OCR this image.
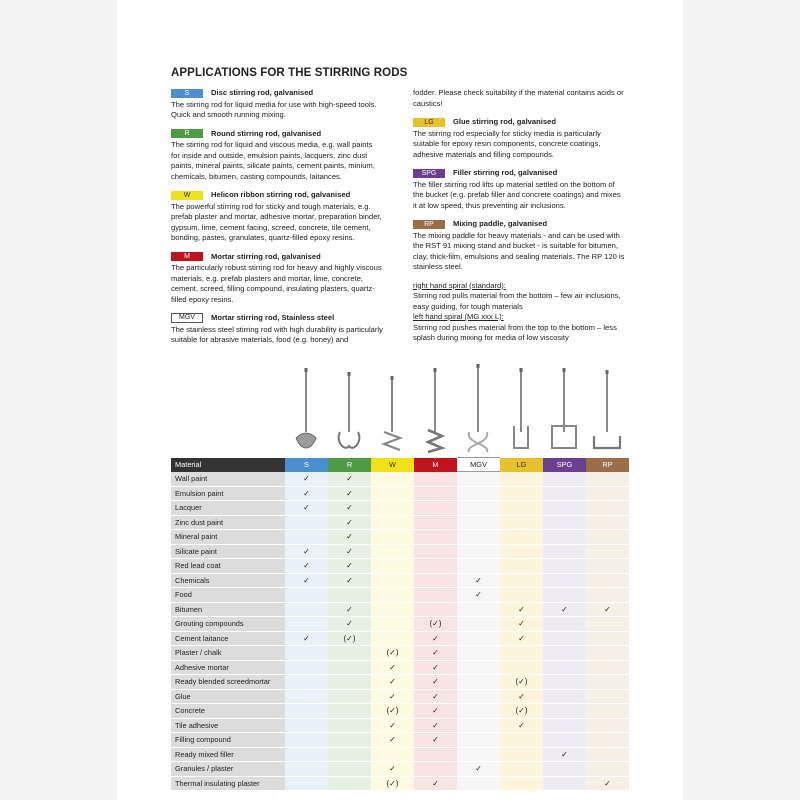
APPLICATIONS FOR THE STIRRING RODS
S	Disc stirring rod, galvanised

The stirring rod for liquid media for use with high-speed tools. Quick and smooth running mixing.

R	Round stirring rod, galvanised

The stirring rod for liquid and viscous media, e.g. wall paints for inside and outside, emulsion paints, lacquers, zinc dust paints, mineral paints, silicate paints, cement paints, minium, chemicals, bitumen, casting compounds, laitances.

W	Helicon ribbon stirring rod, galvanised

The powerful stirring rod for sticky and tough materials, e.g. prefab plaster and mortar, adhesive mortar, preparation binder, gypsum, lime, cement facing, screed, concrete, tile cement, bonding, pastes, granulates, quartz-filled epoxy resins.

M	Mortar stirring rod, galvanised

The particularly robust stirring rod for heavy and highly viscous materials, e.g. prefab plasters and mortar, lime, concrete, cement, screed, filling compound, insulating plasters, quartz-filled epoxy resins.

MGV	Mortar stirring rod, Stainless steel

The stainless steel stirring rod with high durability is particularly suitable for abrasive materials, food (e.g. honey) and

fodder. Please check suitability if the material contains acids or caustics!
LG	Glue stirring rod, galvanised

The stirring rod especially for sticky media is particularly suitable for epoxy resin components, concrete coatings, adhesive materials and filling compounds.

SPG	Filler stirring rod, galvanised

The filler stirring rod lifts up material settled on the bottom of the bucket (e.g. prefab filler and concrete coatings) and mixes it at low speed, thus preventing air inclusions.

RP	Mixing paddle, galvanised

The mixing paddle for heavy materials - and can be used with the RST 91 mixing stand and bucket - is suitable for bitumen, clay, thick-film, emulsions and sealing materials. The RP 120 is stainless steel.

right hand spiral (standard):

Stirring rod pulls material from the bottom – few air inclusions, easy guiding, for tough materials

left hand spiral (MG xxx L):

Stirring rod pushes material from the top to the bottom – less splash during mixing for media of low viscosity

Material	S	R	W	M	MGV	LG	SPG	RP
Wall paint	✓	✓						
Emulsion paint	✓	✓						
Lacquer	✓	✓						
Zinc dust paint		✓						
Mineral paint		✓						
Silicate paint	✓	✓						
Red lead coat	✓	✓						
Chemicals	✓	✓			✓			
Food					✓			
Bitumen		✓				✓	✓	✓
Grouting compounds		✓		(✓)		✓		
Cement laitance	✓	(✓)		✓		✓		
Plaster / chalk			(✓)	✓				
Adhesive mortar			✓	✓				
Ready blended screedmortar			✓	✓		(✓)		
Glue			✓	✓		✓		
Concrete			(✓)	✓		(✓)		
Tile adhesive			✓	✓		✓		
Filling compound			✓	✓				
Ready mixed filler							✓	
Granules / plaster			✓		✓			
Thermal insulating plaster			(✓)	✓				✓
